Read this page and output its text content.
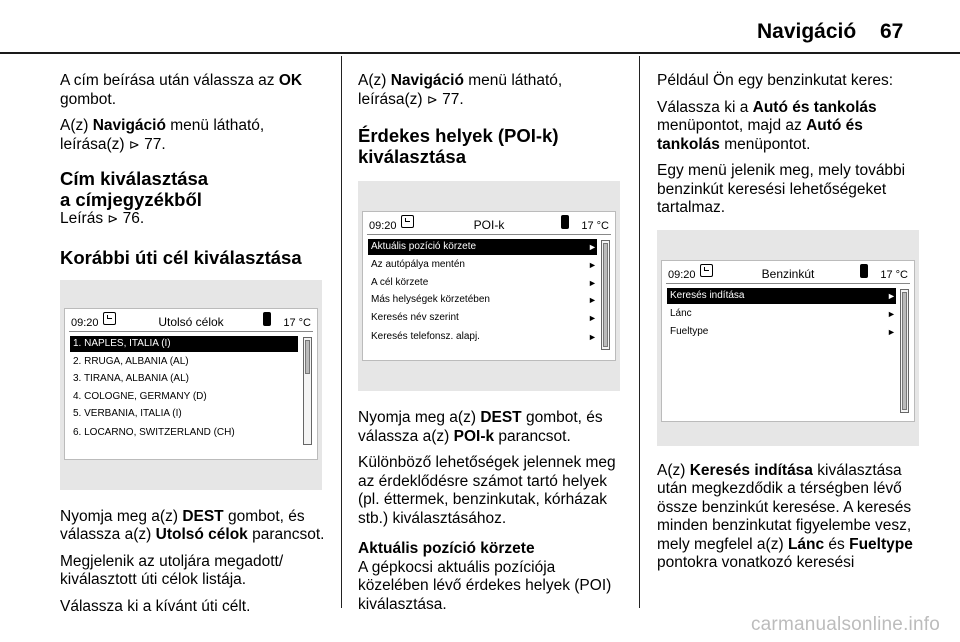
Navigáció 67

A cím beírása után válassza az OK gombot.

A(z) Navigáció menü látható, leírása(z) ⊳ 77.

Cím kiválasztása
a címjegyzékből

Leírás ⊳ 76.

Korábbi úti cél kiválasztása
09:20	Utolsó célok	17 °C
1. NAPLES, ITALIA (I)
2. RRUGA, ALBANIA (AL)
3. TIRANA, ALBANIA (AL)
4. COLOGNE, GERMANY (D)
5. VERBANIA, ITALIA (I)
6. LOCARNO, SWITZERLAND (CH)

Nyomja meg a(z) DEST gombot, és válassza a(z) Utolsó célok parancsot.

Megjelenik az utoljára megadott/ kiválasztott úti célok listája.

Válassza ki a kívánt úti célt.

A(z) Navigáció menü látható, leírása(z) ⊳ 77.

Érdekes helyek (POI-k)
kiválasztása
09:20	POI-k	17 °C
Aktuális pozíció körzete	►
Az autópálya mentén	►
A cél körzete	►
Más helységek körzetében	►
Keresés név szerint	►
Keresés telefonsz. alapj.	►

Nyomja meg a(z) DEST gombot, és válassza a(z) POI-k parancsot.

Különböző lehetőségek jelennek meg az érdeklődésre számot tartó helyek (pl. éttermek, benzinkutak, kórházak stb.) kiválasztásához.

Aktuális pozíció körzete

A gépkocsi aktuális pozíciója közelében lévő érdekes helyek (POI) kiválasztása.

Például Ön egy benzinkutat keres:

Válassza ki a Autó és tankolás menüpontot, majd az Autó és tankolás menüpontot.

Egy menü jelenik meg, mely további benzinkút keresési lehetőségeket tartalmaz.

09:20	Benzinkút	17 °C
Keresés indítása	►
Lánc	►
Fueltype	►

A(z) Keresés indítása kiválasztása után megkezdődik a térségben lévő össze benzinkút keresése. A keresés minden benzinkutat figyelembe vesz, mely megfelel a(z) Lánc és Fueltype pontokra vonatkozó keresési

carmanualsonline.info
